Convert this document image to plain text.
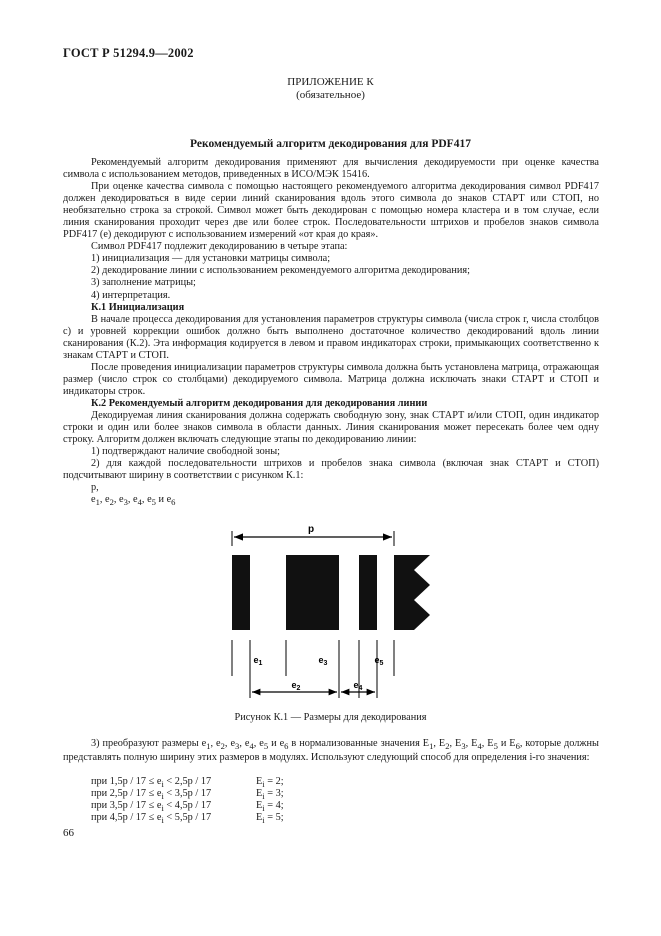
ГОСТ Р 51294.9—2002
ПРИЛОЖЕНИЕ К
(обязательное)
Рекомендуемый алгоритм декодирования для PDF417

Рекомендуемый алгоритм декодирования применяют для вычисления декодируемости при оценке качества символа с использованием методов, приведенных в ИСО/МЭК 15416.

При оценке качества символа с помощью настоящего рекомендуемого алгоритма декодирования символ PDF417 должен декодироваться в виде серии линий сканирования вдоль этого символа до знаков СТАРТ или СТОП, но необязательно строка за строкой. Символ может быть декодирован с помощью номера кластера и в том случае, если линия сканирования проходит через две или более строк. Последовательности штрихов и пробелов знаков символа PDF417 (e) декодируют с использованием измерений «от края до края».

Символ PDF417 подлежит декодированию в четыре этапа:

1) инициализация — для установки матрицы символа;

2) декодирование линии с использованием рекомендуемого алгоритма декодирования;

3) заполнение матрицы;

4) интерпретация.

К.1 Инициализация

В начале процесса декодирования для установления параметров структуры символа (числа строк r, числа столбцов c) и уровней коррекции ошибок должно быть выполнено достаточное количество декодирований вдоль линии сканирования (К.2). Эта информация кодируется в левом и правом индикаторах строки, примыкающих соответственно к знакам СТАРТ и СТОП.

После проведения инициализации параметров структуры символа должна быть установлена матрица, отражающая размер (число строк со столбцами) декодируемого символа. Матрица должна исключать знаки СТАРТ и СТОП и индикаторы строк.

К.2 Рекомендуемый алгоритм декодирования для декодирования линии

Декодируемая линия сканирования должна содержать свободную зону, знак СТАРТ и/или СТОП, один индикатор строки и один или более знаков символа в области данных. Линия сканирования может пересекать более чем одну строку. Алгоритм должен включать следующие этапы по декодированию линии:

1) подтверждают наличие свободной зоны;

2) для каждой последовательности штрихов и пробелов знака символа (включая знак СТАРТ и СТОП) подсчитывают ширину в соответствии с рисунком К.1:

p,

$e_1$, $e_2$, $e_3$, $e_4$, $e_5$ и $e_6$

p
$e_1$	$e_3$	$e_5$
$e_2$	$e_4$
Рисунок К.1 — Размеры для декодирования

3) преобразуют размеры $e_1$, $e_2$, $e_3$, $e_4$, $e_5$ и $e_6$ в нормализованные значения $E_1$, $E_2$, $E_3$, $E_4$, $E_5$ и $E_6$, которые должны представлять полную ширину этих размеров в модулях. Используют следующий способ для определения i-го значения:

при $1,5p / 17 \le e_i < 2,5p / 17$	$E_i = 2$;
при $2,5p / 17 \le e_i < 3,5p / 17$	$E_i = 3$;
при $3,5p / 17 \le e_i < 4,5p / 17$	$E_i = 4$;
при $4,5p / 17 \le e_i < 5,5p / 17$	$E_i = 5$;
66
